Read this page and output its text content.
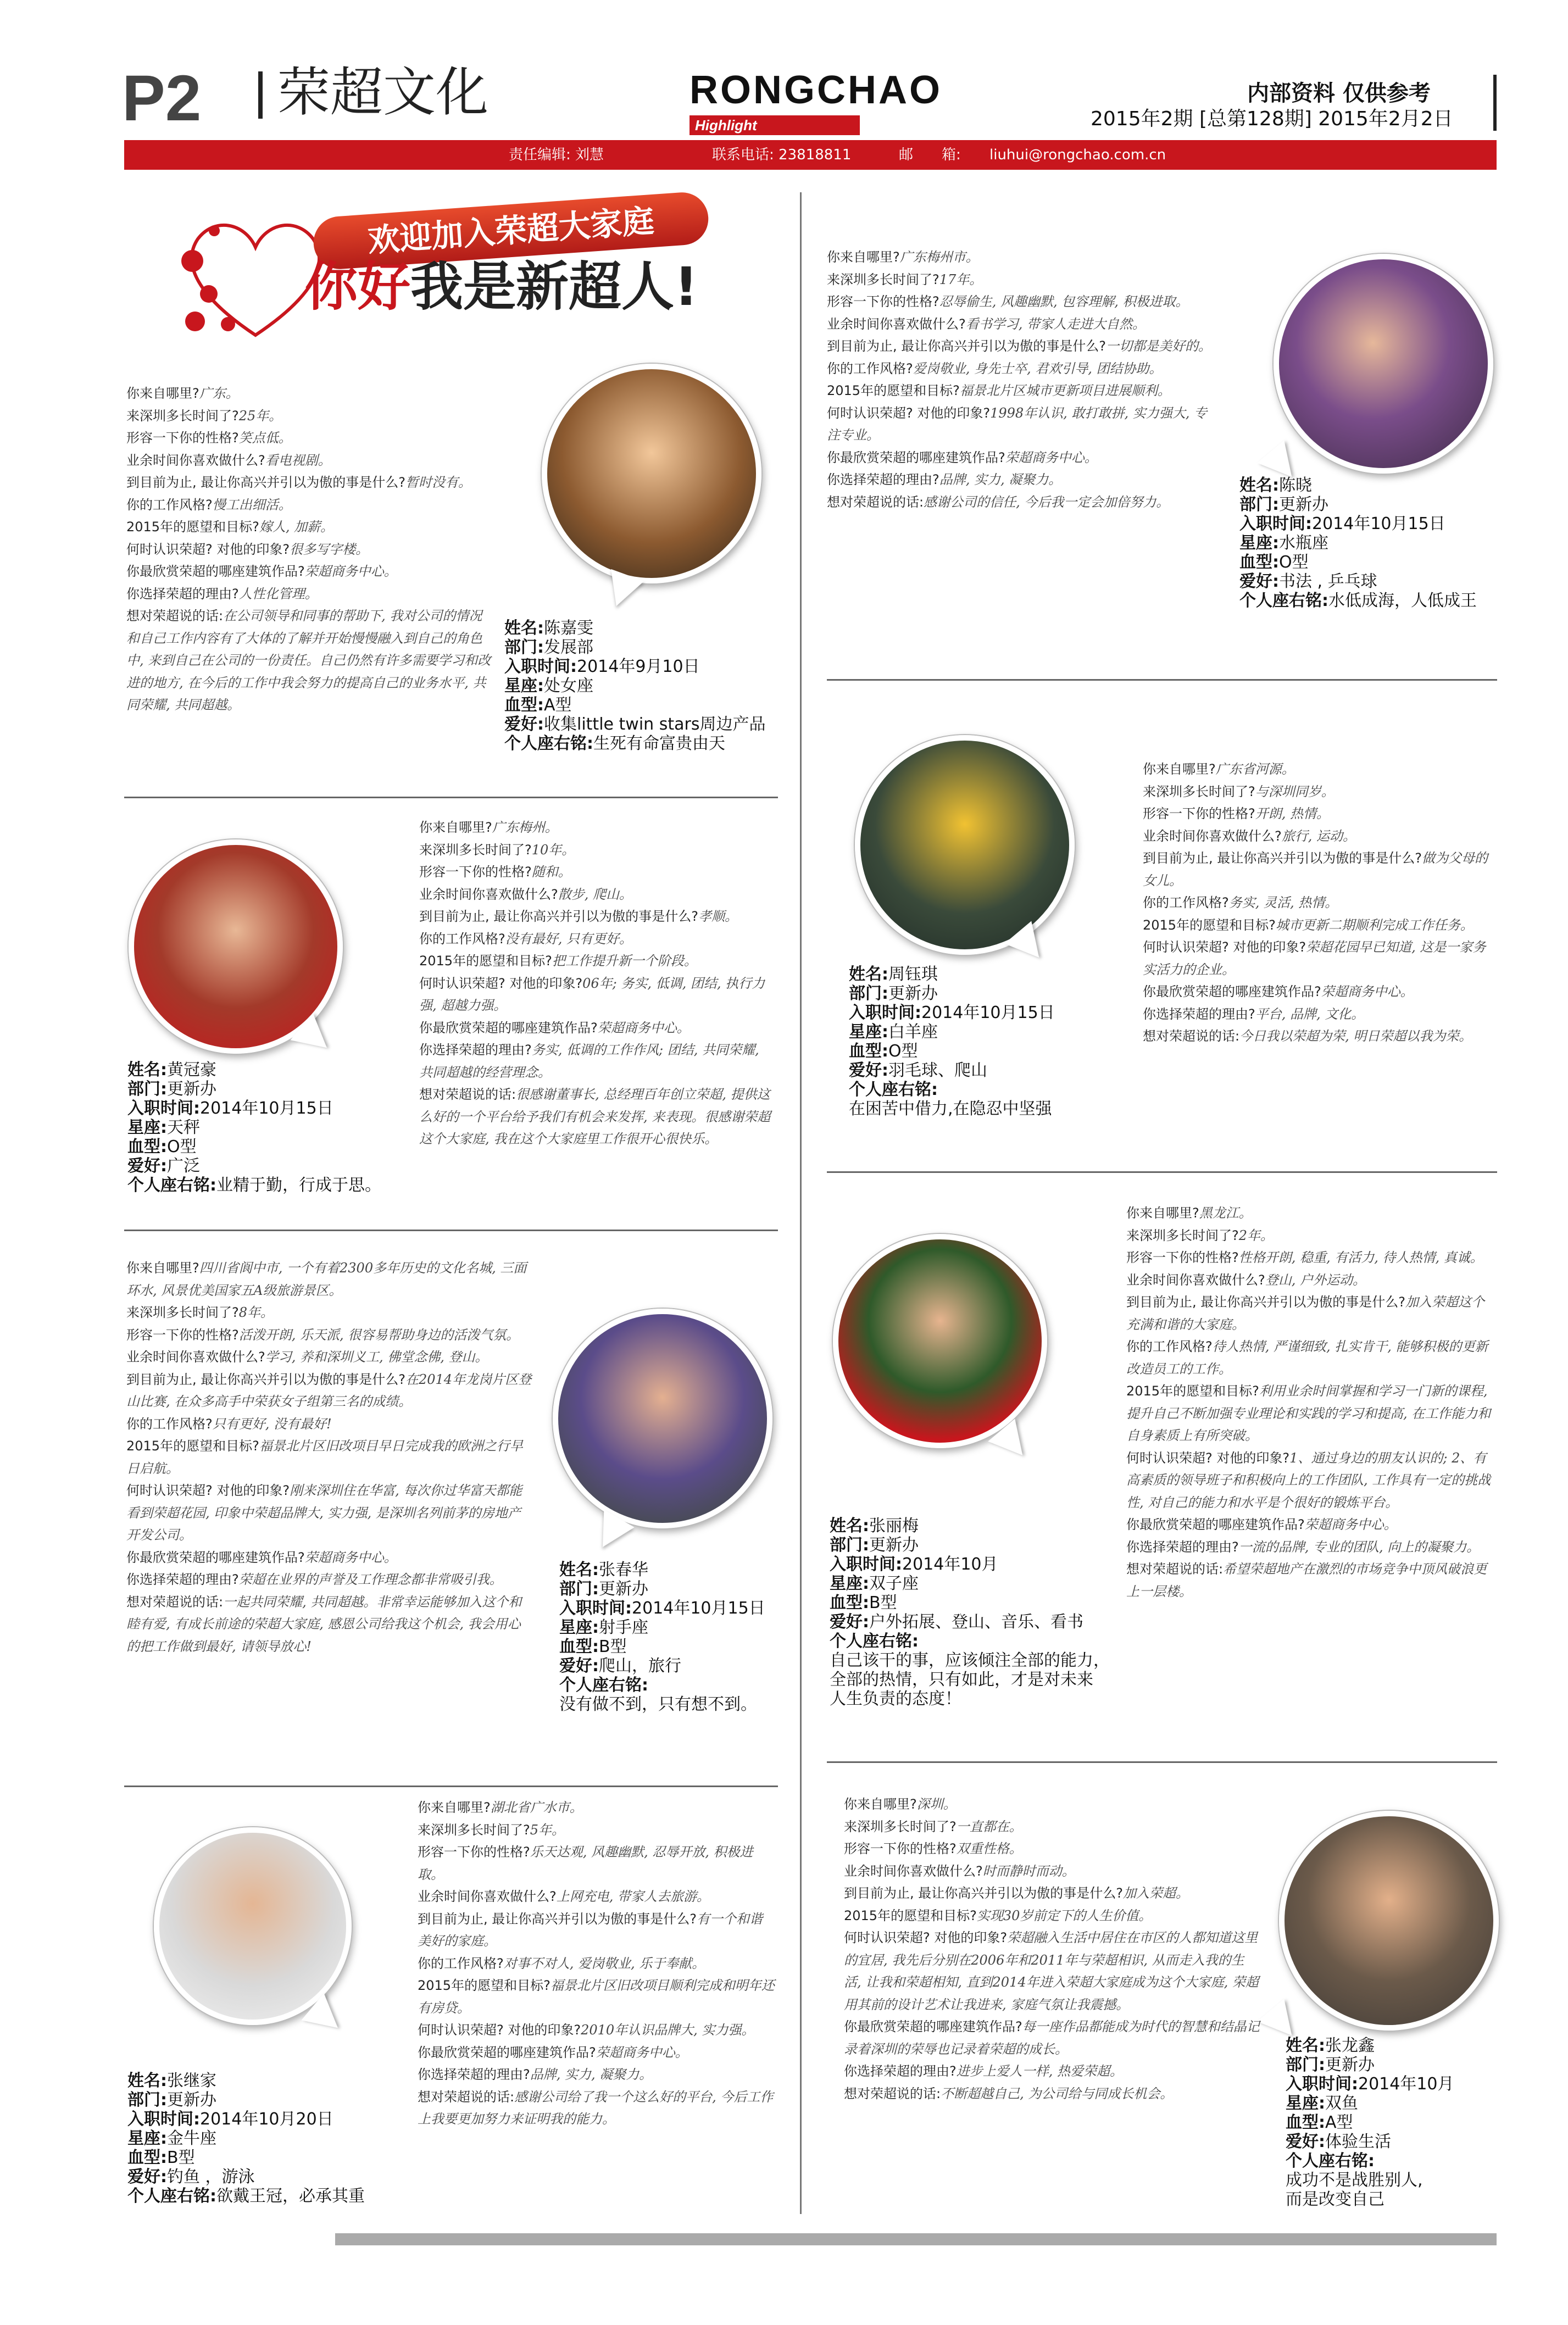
P2 荣超文化	RONGCHAO
Highlight
内部资料 仅供参考
2015年2期 [总第128期] 2015年2月2日
责任编辑: 刘慧	联系电话: 23818811	邮　　箱: liuhui@rongchao.com.cn
欢迎加入荣超大家庭
你好我是新超人!

你来自哪里?广东。

来深圳多长时间了?25年。

形容一下你的性格?笑点低。

业余时间你喜欢做什么?看电视剧。

到目前为止, 最让你高兴并引以为傲的事是什么?暂时没有。

你的工作风格?慢工出细活。

2015年的愿望和目标?嫁人, 加薪。

何时认识荣超? 对他的印象?很多写字楼。

你最欣赏荣超的哪座建筑作品?荣超商务中心。

你选择荣超的理由?人性化管理。

想对荣超说的话:在公司领导和同事的帮助下, 我对公司的情况和自己工作内容有了大体的了解并开始慢慢融入到自己的角色中, 来到自己在公司的一份责任。自己仍然有许多需要学习和改进的地方, 在今后的工作中我会努力的提高自己的业务水平, 共同荣耀, 共同超越。

姓名:陈嘉雯
部门:发展部
入职时间:2014年9月10日
星座:处女座
血型:A型
爱好:收集little twin stars周边产品
个人座右铭:生死有命富贵由天

你来自哪里?广东梅州市。

来深圳多长时间了?17年。

形容一下你的性格?忍辱偷生, 风趣幽默, 包容理解, 积极进取。

业余时间你喜欢做什么?看书学习, 带家人走进大自然。

到目前为止, 最让你高兴并引以为傲的事是什么?一切都是美好的。

你的工作风格?爱岗敬业, 身先士卒, 君欢引导, 团结协助。

2015年的愿望和目标?福景北片区城市更新项目进展顺利。

何时认识荣超? 对他的印象?1998年认识, 敢打敢拼, 实力强大, 专注专业。

你最欣赏荣超的哪座建筑作品?荣超商务中心。

你选择荣超的理由?品牌, 实力, 凝聚力。

想对荣超说的话:感谢公司的信任, 今后我一定会加倍努力。

姓名:陈晓
部门:更新办
入职时间:2014年10月15日
星座:水瓶座
血型:O型
爱好:书法 , 乒乓球
个人座右铭:水低成海，人低成王

你来自哪里?广东梅州。

来深圳多长时间了?10年。

形容一下你的性格?随和。

业余时间你喜欢做什么?散步, 爬山。

到目前为止, 最让你高兴并引以为傲的事是什么?孝顺。

你的工作风格?没有最好, 只有更好。

2015年的愿望和目标?把工作提升新一个阶段。

何时认识荣超? 对他的印象?06年; 务实, 低调, 团结, 执行力强, 超越力强。

你最欣赏荣超的哪座建筑作品?荣超商务中心。

你选择荣超的理由?务实, 低调的工作作风; 团结, 共同荣耀, 共同超越的经营理念。

想对荣超说的话:很感谢董事长, 总经理百年创立荣超, 提供这么好的一个平台给予我们有机会来发挥, 来表现。很感谢荣超这个大家庭, 我在这个大家庭里工作很开心很快乐。

姓名:黄冠豪
部门:更新办
入职时间:2014年10月15日
星座:天秤
血型:O型
爱好:广泛
个人座右铭:业精于勤，行成于思。

你来自哪里?广东省河源。

来深圳多长时间了?与深圳同岁。

形容一下你的性格?开朗, 热情。

业余时间你喜欢做什么?旅行, 运动。

到目前为止, 最让你高兴并引以为傲的事是什么?做为父母的女儿。

你的工作风格?务实, 灵活, 热情。

2015年的愿望和目标?城市更新二期顺利完成工作任务。

何时认识荣超? 对他的印象?荣超花园早已知道, 这是一家务实活力的企业。

你最欣赏荣超的哪座建筑作品?荣超商务中心。

你选择荣超的理由?平台, 品牌, 文化。

想对荣超说的话:今日我以荣超为荣, 明日荣超以我为荣。

姓名:周钰琪
部门:更新办
入职时间:2014年10月15日
星座:白羊座
血型:O型
爱好:羽毛球、爬山
个人座右铭:
在困苦中借力,在隐忍中坚强

你来自哪里?四川省阆中市, 一个有着2300多年历史的文化名城, 三面环水, 风景优美国家五A级旅游景区。

来深圳多长时间了?8年。

形容一下你的性格?活泼开朗, 乐天派, 很容易帮助身边的活泼气氛。

业余时间你喜欢做什么?学习, 养和深圳义工, 佛堂念佛, 登山。

到目前为止, 最让你高兴并引以为傲的事是什么?在2014年龙岗片区登山比赛, 在众多高手中荣获女子组第三名的成绩。

你的工作风格?只有更好, 没有最好!

2015年的愿望和目标?福景北片区旧改项目早日完成我的欧洲之行早日启航。

何时认识荣超? 对他的印象?刚来深圳住在华富, 每次你过华富天都能看到荣超花园, 印象中荣超品牌大, 实力强, 是深圳名列前茅的房地产开发公司。

你最欣赏荣超的哪座建筑作品?荣超商务中心。

你选择荣超的理由?荣超在业界的声誉及工作理念都非常吸引我。

想对荣超说的话:一起共同荣耀, 共同超越。非常幸运能够加入这个和睦有爱, 有成长前途的荣超大家庭, 感恩公司给我这个机会, 我会用心的把工作做到最好, 请领导放心!

姓名:张春华
部门:更新办
入职时间:2014年10月15日
星座:射手座
血型:B型
爱好:爬山，旅行
个人座右铭:
没有做不到，只有想不到。

你来自哪里?黑龙江。

来深圳多长时间了?2年。

形容一下你的性格?性格开朗, 稳重, 有活力, 待人热情, 真诚。

业余时间你喜欢做什么?登山, 户外运动。

到目前为止, 最让你高兴并引以为傲的事是什么?加入荣超这个充满和谐的大家庭。

你的工作风格?待人热情, 严谨细致, 扎实肯干, 能够积极的更新改造员工的工作。

2015年的愿望和目标?利用业余时间掌握和学习一门新的课程, 提升自己不断加强专业理论和实践的学习和提高, 在工作能力和自身素质上有所突破。

何时认识荣超? 对他的印象?1、通过身边的朋友认识的; 2、有高素质的领导班子和积极向上的工作团队, 工作具有一定的挑战性, 对自己的能力和水平是个很好的锻炼平台。

你最欣赏荣超的哪座建筑作品?荣超商务中心。

你选择荣超的理由?一流的品牌, 专业的团队, 向上的凝聚力。

想对荣超说的话:希望荣超地产在激烈的市场竞争中顶风破浪更上一层楼。

姓名:张丽梅
部门:更新办
入职时间:2014年10月
星座:双子座
血型:B型
爱好:户外拓展、登山、音乐、看书
个人座右铭:
自己该干的事，应该倾注全部的能力，
全部的热情，只有如此，才是对未来
人生负责的态度！

你来自哪里?湖北省广水市。

来深圳多长时间了?5年。

形容一下你的性格?乐天达观, 风趣幽默, 忍辱开放, 积极进取。

业余时间你喜欢做什么?上网充电, 带家人去旅游。

到目前为止, 最让你高兴并引以为傲的事是什么?有一个和谐美好的家庭。

你的工作风格?对事不对人, 爱岗敬业, 乐于奉献。

2015年的愿望和目标?福景北片区旧改项目顺利完成和明年还有房贷。

何时认识荣超? 对他的印象?2010年认识品牌大, 实力强。

你最欣赏荣超的哪座建筑作品?荣超商务中心。

你选择荣超的理由?品牌, 实力, 凝聚力。

想对荣超说的话:感谢公司给了我一个这么好的平台, 今后工作上我要更加努力来证明我的能力。

姓名:张继家
部门:更新办
入职时间:2014年10月20日
星座:金牛座
血型:B型
爱好:钓鱼 ，游泳
个人座右铭:欲戴王冠，必承其重

你来自哪里?深圳。

来深圳多长时间了?一直都在。

形容一下你的性格?双重性格。

业余时间你喜欢做什么?时而静时而动。

到目前为止, 最让你高兴并引以为傲的事是什么?加入荣超。

2015年的愿望和目标?实现30岁前定下的人生价值。

何时认识荣超? 对他的印象?荣超融入生活中居住在市区的人都知道这里的宜居, 我先后分别在2006年和2011年与荣超相识, 从而走入我的生活, 让我和荣超相知, 直到2014年进入荣超大家庭成为这个大家庭, 荣超用其前的设计艺术让我进来, 家庭气氛让我震撼。

你最欣赏荣超的哪座建筑作品?每一座作品都能成为时代的智慧和结晶记录着深圳的荣辱也记录着荣超的成长。

你选择荣超的理由?进步上爱人一样, 热爱荣超。

想对荣超说的话:不断超越自己, 为公司给与同成长机会。

姓名:张龙鑫
部门:更新办
入职时间:2014年10月
星座:双鱼
血型:A型
爱好:体验生活
个人座右铭:
成功不是战胜别人,
而是改变自己
